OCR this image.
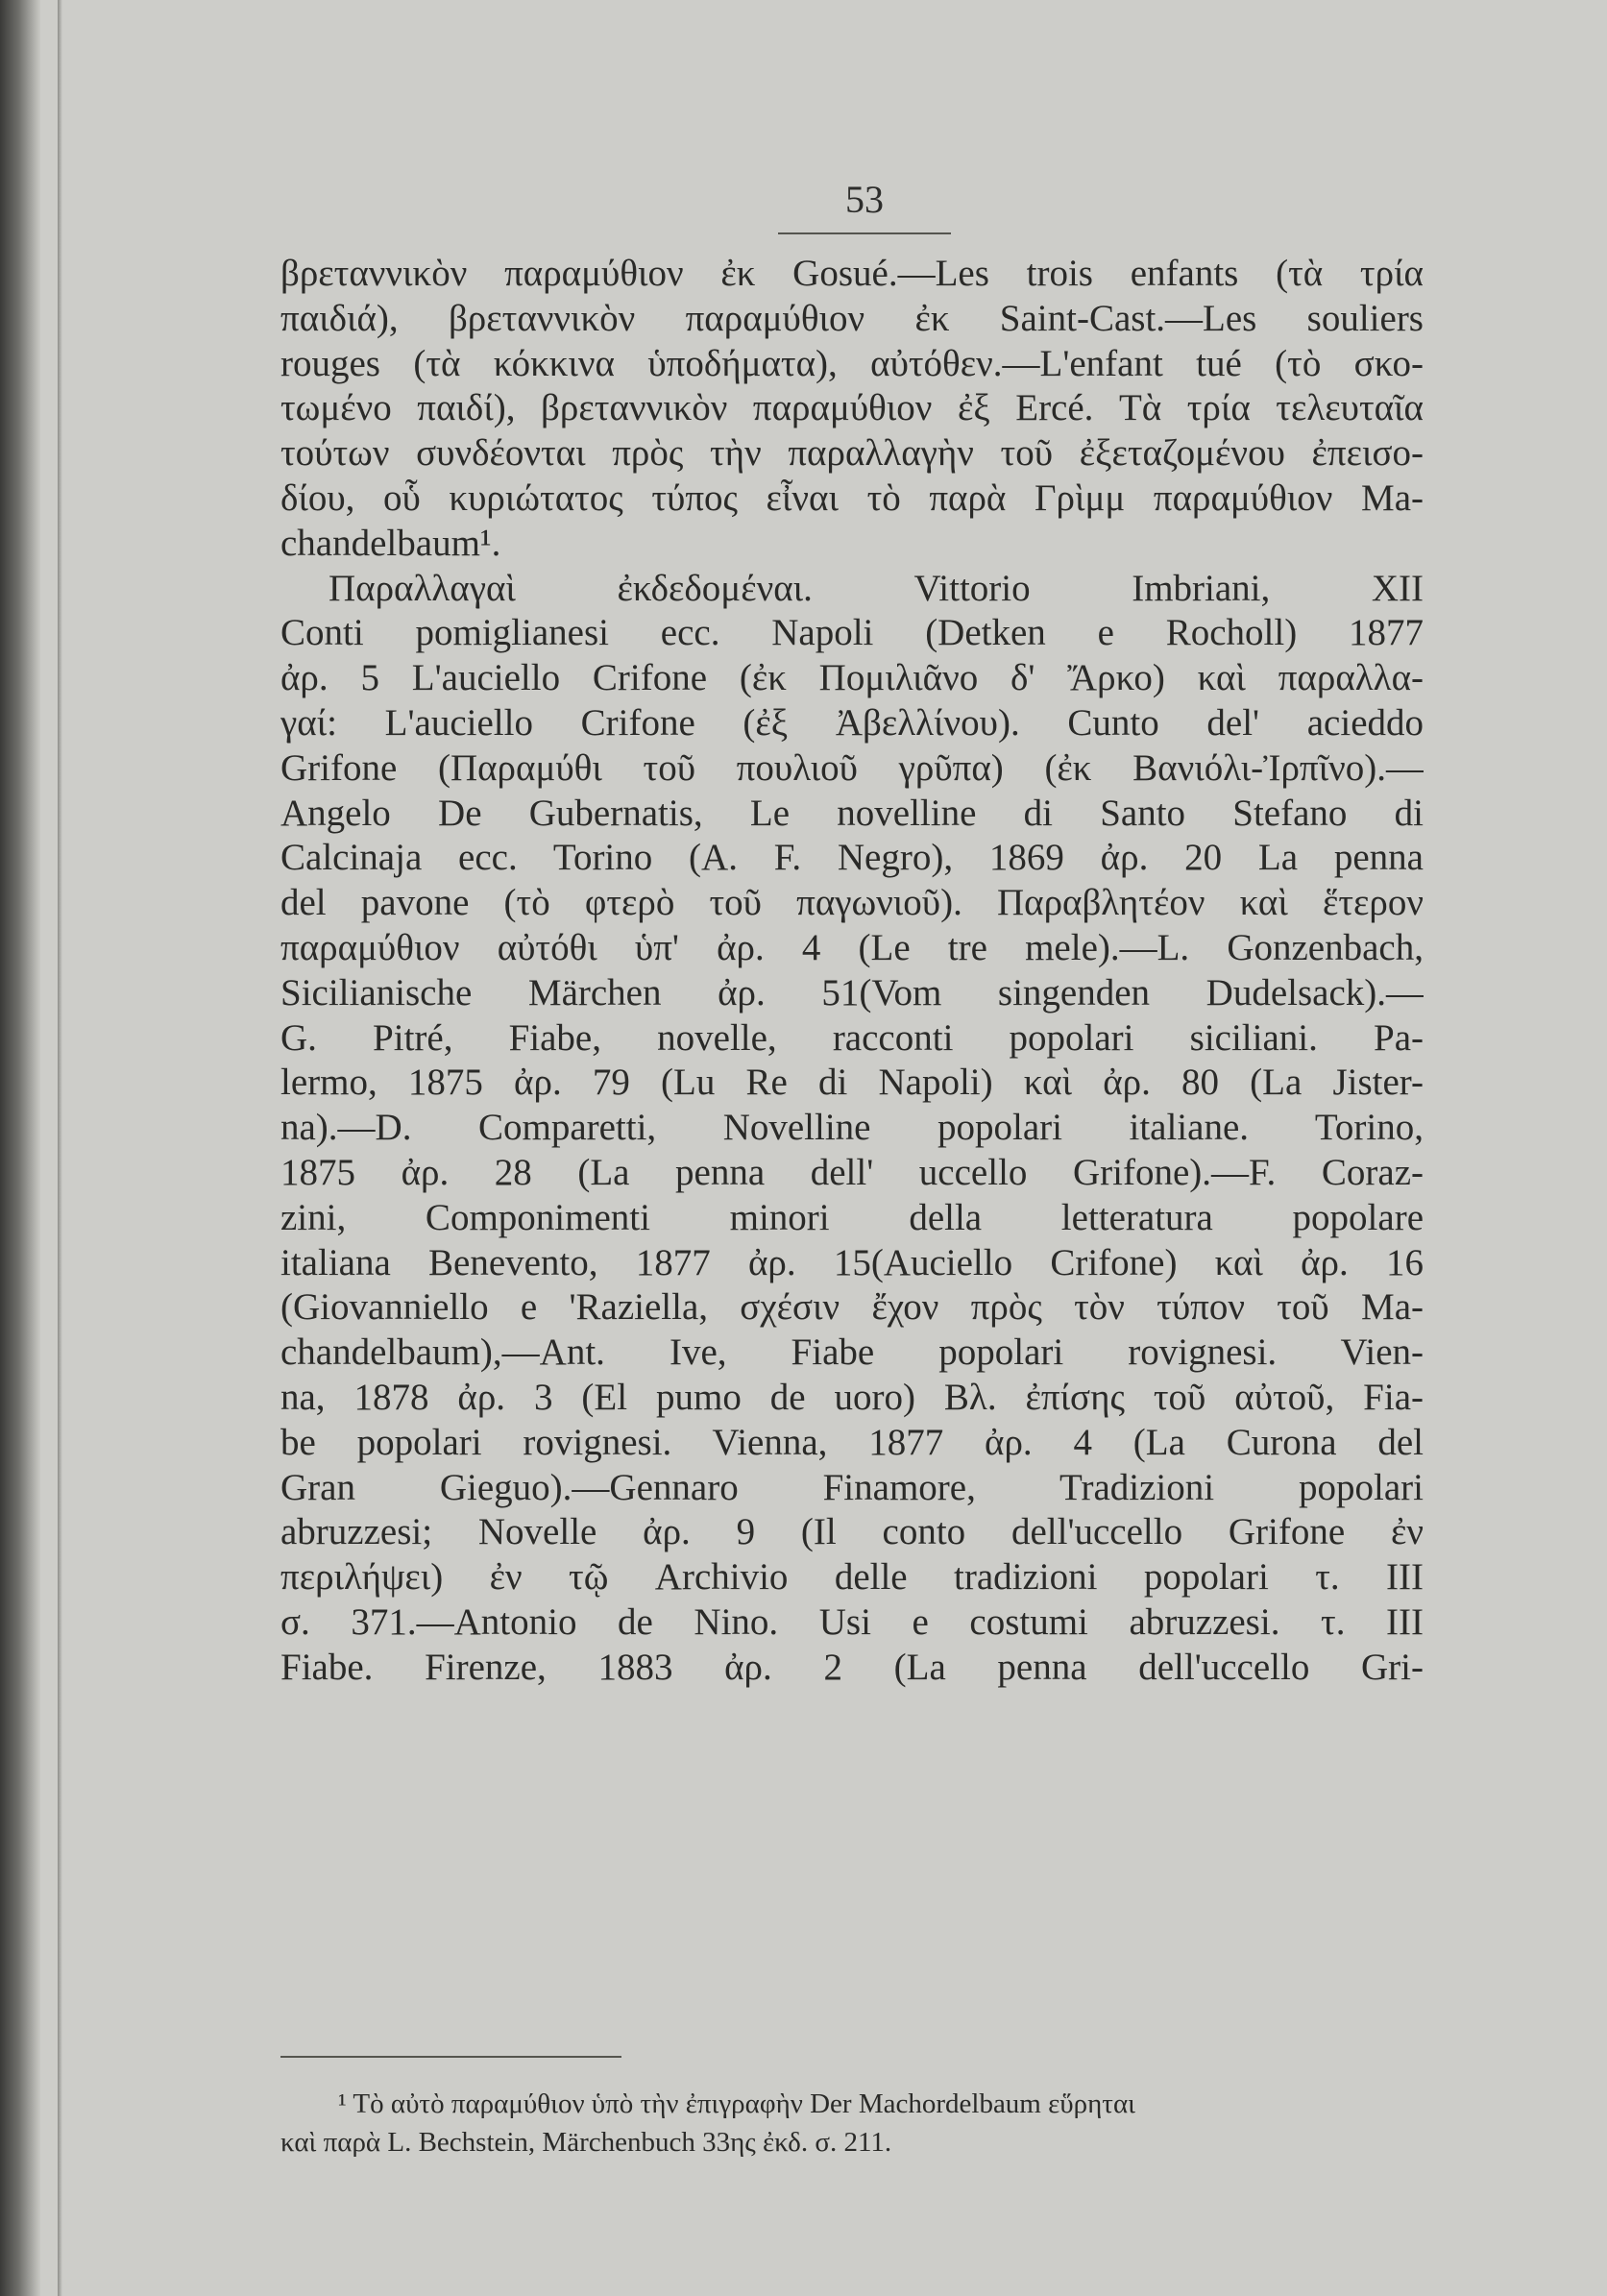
53
βρεταννικὸν παραμύθιον ἐκ Gosué.—Les trois enfants (τὰ τρία
παιδιά), βρεταννικὸν παραμύθιον ἐκ Saint-Cast.—Les souliers
rouges (τὰ κόκκινα ὑποδήματα), αὐτόθεν.—L'enfant tué (τὸ σκο-
τωμένο παιδί), βρεταννικὸν παραμύθιον ἐξ Ercé. Τὰ τρία τελευταῖα
τούτων συνδέονται πρὸς τὴν παραλλαγὴν τοῦ ἐξεταζομένου ἐπεισο-
δίου, οὗ κυριώτατος τύπος εἶναι τὸ παρὰ Γρὶμμ παραμύθιον Ma-
chandelbaum¹.
Παραλλαγαὶ ἐκδεδομέναι. Vittorio Imbriani, XII
Conti pomiglianesi ecc. Napoli (Detken e Rocholl) 1877
ἀρ. 5 L'auciello Crifone (ἐκ Πομιλιᾶνο δ' Ἄρκο) καὶ παραλλα-
γαί: L'auciello Crifone (ἐξ Ἀβελλίνου). Cunto del' acieddo
Grifone (Παραμύθι τοῦ πουλιοῦ γρῦπα) (ἐκ Βανιόλι-Ἰρπῖνο).—
Angelo De Gubernatis, Le novelline di Santo Stefano di
Calcinaja ecc. Torino (A. F. Negro), 1869 ἀρ. 20 La penna
del pavone (τὸ φτερὸ τοῦ παγωνιοῦ). Παραβλητέον καὶ ἕτερον
παραμύθιον αὐτόθι ὑπ' ἀρ. 4 (Le tre mele).—L. Gonzenbach,
Sicilianische Märchen ἀρ. 51(Vom singenden Dudelsack).—
G. Pitré, Fiabe, novelle, racconti popolari siciliani. Pa-
lermo, 1875 ἀρ. 79 (Lu Re di Napoli) καὶ ἀρ. 80 (La Jister-
na).—D. Comparetti, Novelline popolari italiane. Torino,
1875 ἀρ. 28 (La penna dell' uccello Grifone).—F. Coraz-
zini, Componimenti minori della letteratura popolare
italiana Benevento, 1877 ἀρ. 15(Auciello Crifone) καὶ ἀρ. 16
(Giovanniello e 'Raziella, σχέσιν ἔχον πρὸς τὸν τύπον τοῦ Ma-
chandelbaum),—Ant. Ive, Fiabe popolari rovignesi. Vien-
na, 1878 ἀρ. 3 (El pumo de uoro) Βλ. ἐπίσης τοῦ αὐτοῦ, Fia-
be popolari rovignesi. Vienna, 1877 ἀρ. 4 (La Curona del
Gran Gieguo).—Gennaro Finamore, Tradizioni popolari
abruzzesi; Novelle ἀρ. 9 (Il conto dell'uccello Grifone ἐν
περιλήψει) ἐν τῷ Archivio delle tradizioni popolari τ. III
σ. 371.—Antonio de Nino. Usi e costumi abruzzesi. τ. III
Fiabe. Firenze, 1883 ἀρ. 2 (La penna dell'uccello Gri-
¹ Τὸ αὐτὸ παραμύθιον ὑπὸ τὴν ἐπιγραφὴν Der Machordelbaum εὕρηται
καὶ παρὰ L. Bechstein, Märchenbuch 33ης ἐκδ. σ. 211.
